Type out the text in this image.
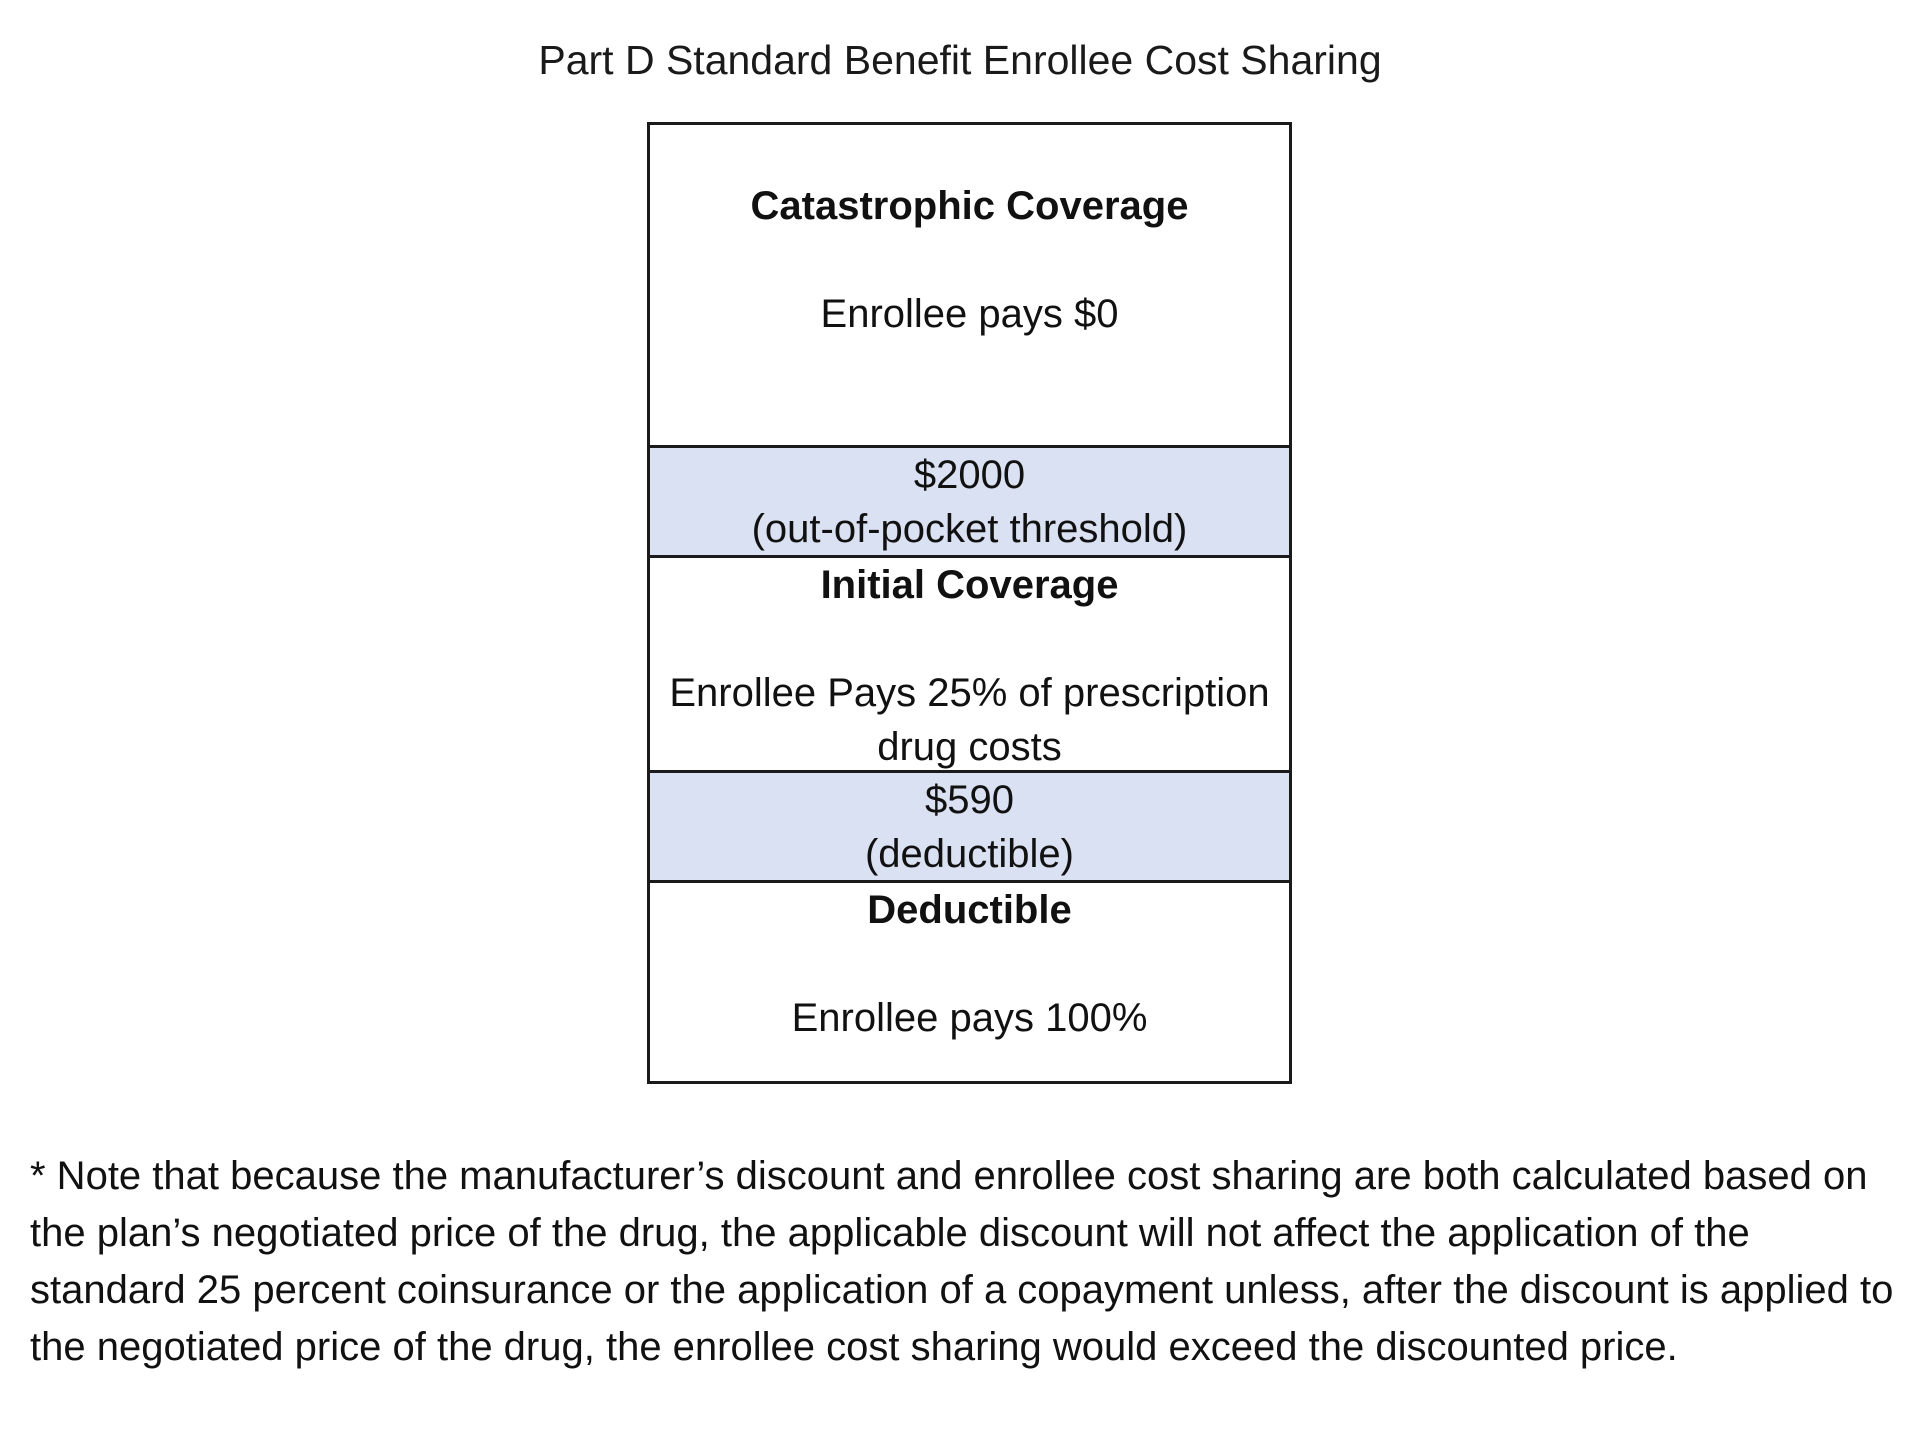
Part D Standard Benefit Enrollee Cost Sharing
Catastrophic Coverage
Enrollee pays $0
$2000
(out-of-pocket threshold)
Initial Coverage
Enrollee Pays 25% of prescription
drug costs
$590
(deductible)
Deductible
Enrollee pays 100%
* Note that because the manufacturer’s discount and enrollee cost sharing are both calculated based on the plan’s negotiated price of the drug, the applicable discount will not affect the application of the standard 25 percent coinsurance or the application of a copayment unless, after the discount is applied to the negotiated price of the drug, the enrollee cost sharing would exceed the discounted price.
